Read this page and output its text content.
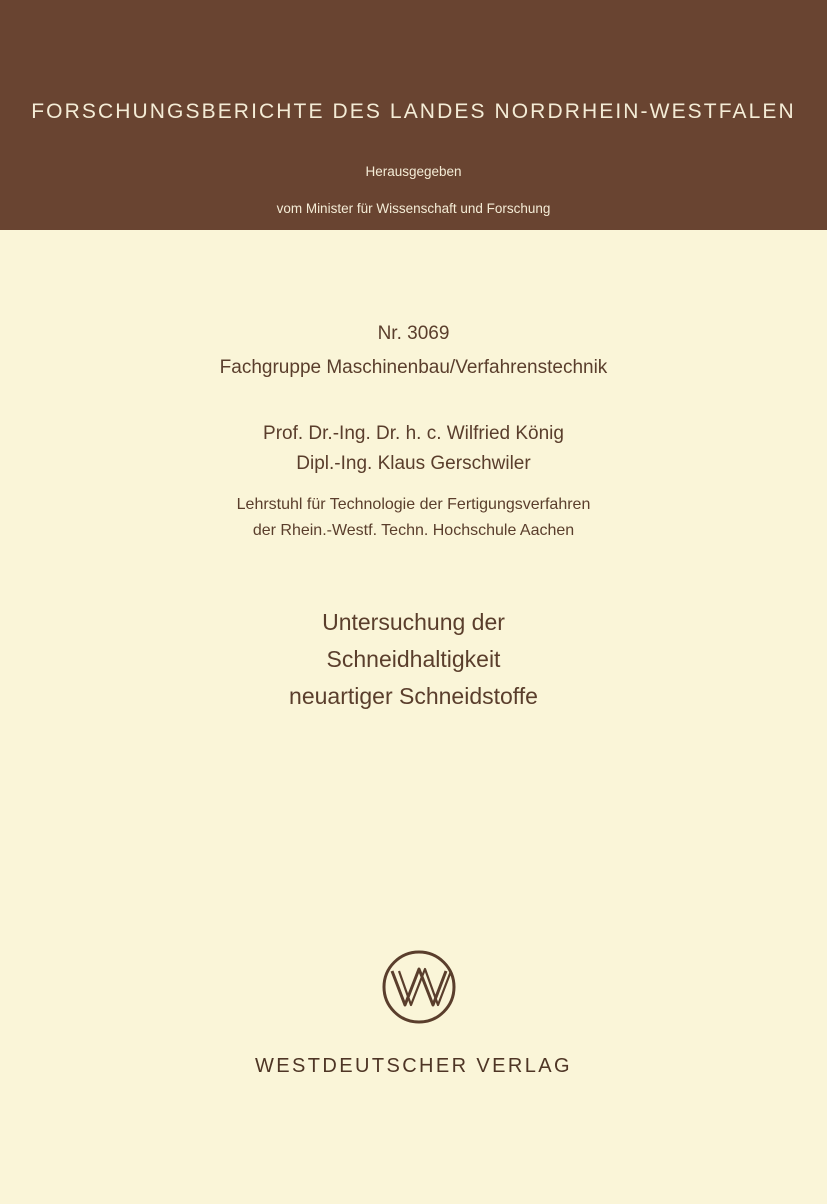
FORSCHUNGSBERICHTE DES LANDES NORDRHEIN-WESTFALEN
Herausgegeben
vom Minister für Wissenschaft und Forschung
Nr. 3069
Fachgruppe Maschinenbau/Verfahrenstechnik
Prof. Dr.-Ing. Dr. h. c. Wilfried König
Dipl.-Ing. Klaus Gerschwiler
Lehrstuhl für Technologie der Fertigungsverfahren
der Rhein.-Westf. Techn. Hochschule Aachen
Untersuchung der
Schneidhaltigkeit
neuartiger Schneidstoffe
WESTDEUTSCHER VERLAG
